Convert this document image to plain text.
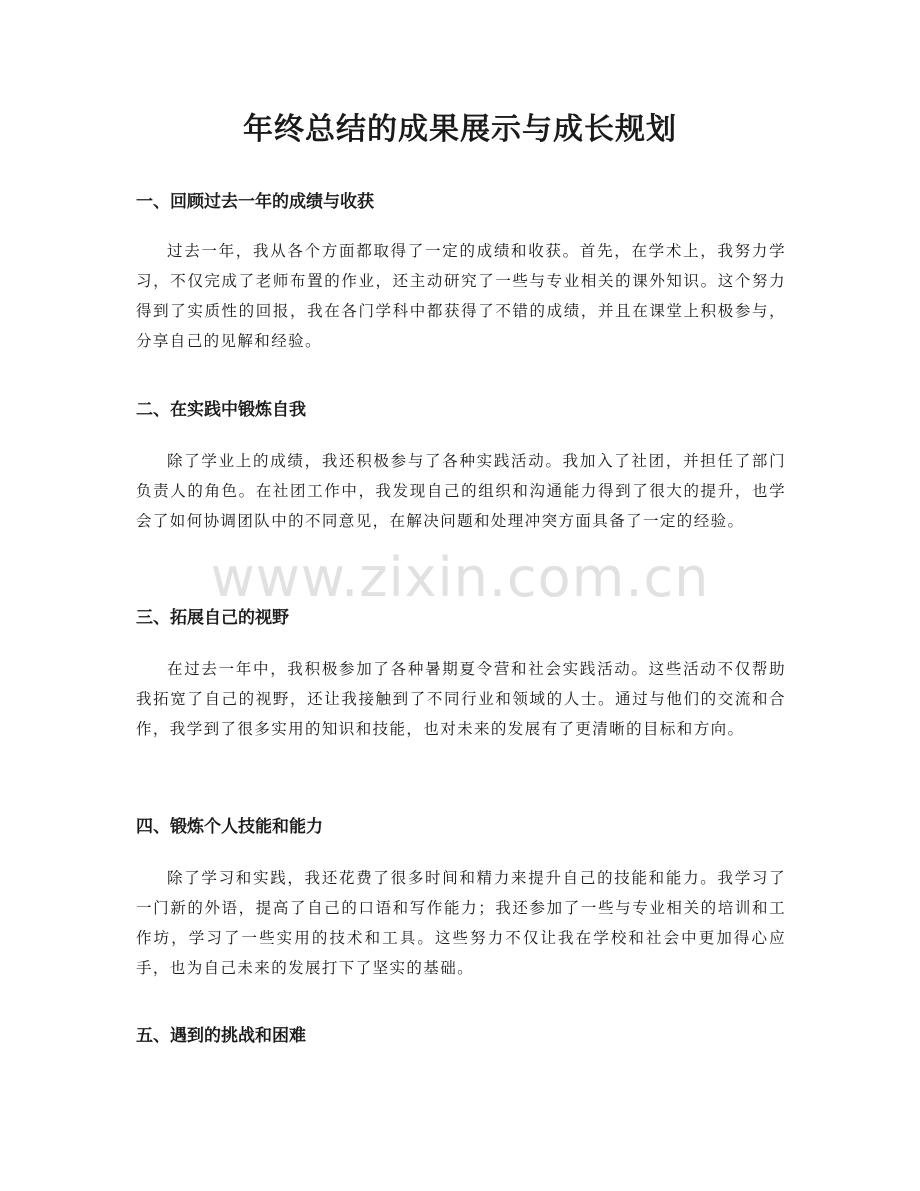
年终总结的成果展示与成长规划
一、回顾过去一年的成绩与收获

过去一年，我从各个方面都取得了一定的成绩和收获。首先，在学术上，我努力学习，不仅完成了老师布置的作业，还主动研究了一些与专业相关的课外知识。这个努力得到了实质性的回报，我在各门学科中都获得了不错的成绩，并且在课堂上积极参与，分享自己的见解和经验。

二、在实践中锻炼自我

除了学业上的成绩，我还积极参与了各种实践活动。我加入了社团，并担任了部门负责人的角色。在社团工作中，我发现自己的组织和沟通能力得到了很大的提升，也学会了如何协调团队中的不同意见，在解决问题和处理冲突方面具备了一定的经验。

三、拓展自己的视野

在过去一年中，我积极参加了各种暑期夏令营和社会实践活动。这些活动不仅帮助我拓宽了自己的视野，还让我接触到了不同行业和领域的人士。通过与他们的交流和合作，我学到了很多实用的知识和技能，也对未来的发展有了更清晰的目标和方向。

四、锻炼个人技能和能力

除了学习和实践，我还花费了很多时间和精力来提升自己的技能和能力。我学习了一门新的外语，提高了自己的口语和写作能力；我还参加了一些与专业相关的培训和工作坊，学习了一些实用的技术和工具。这些努力不仅让我在学校和社会中更加得心应手，也为自己未来的发展打下了坚实的基础。

五、遇到的挑战和困难
www.zixin.com.cn
